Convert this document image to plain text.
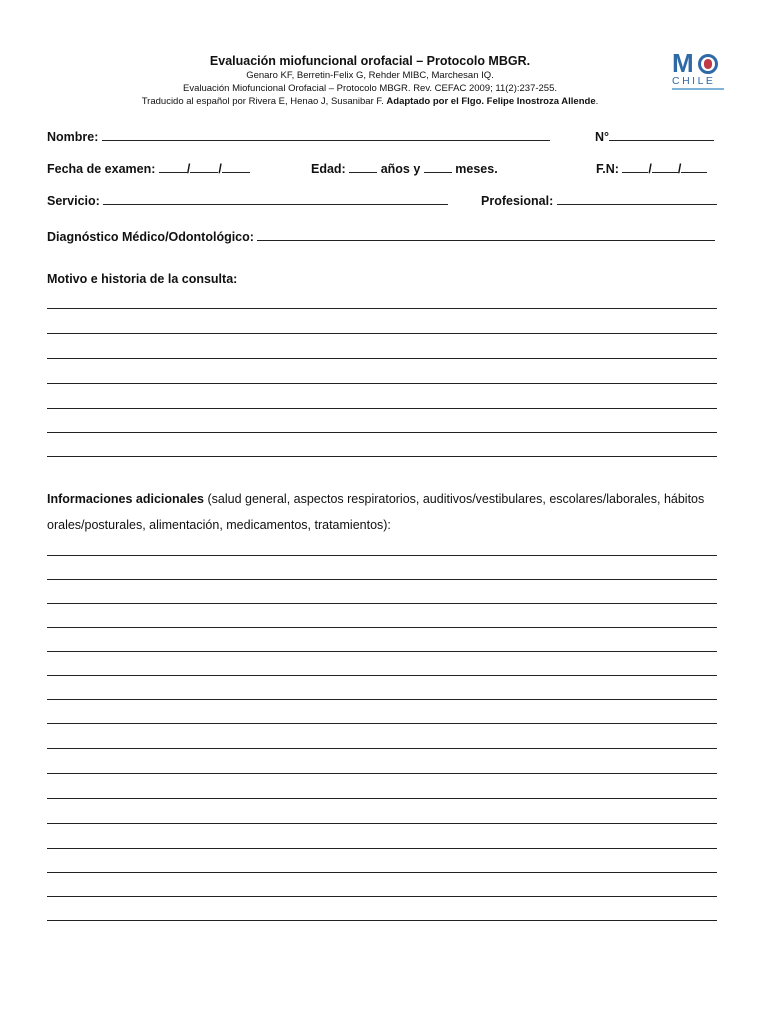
Evaluación miofuncional orofacial – Protocolo MBGR.
Genaro KF, Berretin-Felix G, Rehder MIBC, Marchesan IQ.
Evaluación Miofuncional Orofacial – Protocolo MBGR. Rev. CEFAC 2009; 11(2):237-255.
Traducido al español por Rivera E, Henao J, Susanibar F. Adaptado por el Flgo. Felipe Inostroza Allende.
M
CHILE
Nombre:	N°
Fecha de examen:	/ /	Edad:	años y	meses.	F.N: / /
Servicio:	Profesional:
Diagnóstico Médico/Odontológico:
Motivo e historia de la consulta:
Informaciones adicionales (salud general, aspectos respiratorios, auditivos/vestibulares, escolares/laborales, hábitos
orales/posturales, alimentación, medicamentos, tratamientos):
